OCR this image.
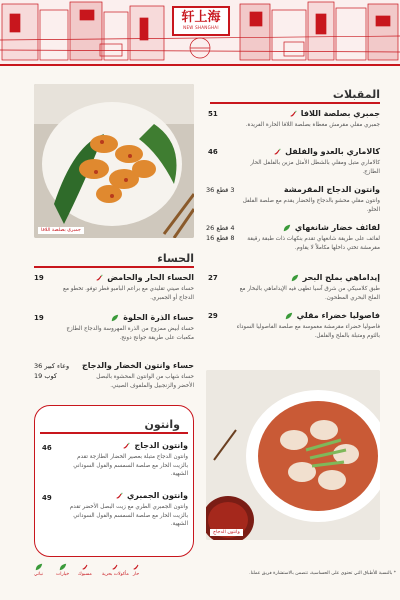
轩上海
NEW SHANGHAI
المقبلات
جمبري بصلصة اللافا
جمبري مقلي مقرمش مغطاة بصلصة اللافا الحارة الفريدة.
51
كالاماري بالعدو والفلفل
كالاماري متبل ومقلي بالشطل الأمثل مزين بالفلفل الحار الطازج.
46
وانتون الدجاج المقرمشة
وانتون مقلي محشو بالدجاج والخضار يقدم مع صلصة الفلفل الحلو.
3 قطع 36
لفائف خضار شانغهاي
لفائف على طريقة شانغهاي تقدم بنكهات ذات طبقة رقيقة مقرمشة تختي داخلها مكاملاً لا يقاوم.
4 قطع 26
8 قطع 16
إيداماهي بملح البحر
طبق كلاسيكي من شرق آسيا تطهى فيه الإيداماهي بالبخار مع الملح البحري المطحون.
27
فاصوليا خضراء مقلي
فاصوليا خضراء مقرمشة مغموسة مع صلصة الفاصوليا السوداء بالثوم ومتبلة بالملح والفلفل.
29
جمبري بصلصة اللافا
الحساء
الحساء الحار والحامض
حساء صيني تقليدي مع براعم البامبو فطر توفو. تخطو مع الدجاج أو الجمبري.
19
حساء الذرة الحلوة
حساء أبيض ممزوج من الذرة المهروسة والدجاج الطازج مكعبات على طريقة جوانج دونج.
19
حساء وانتون الخضار والدجاج
حساء شهاب من الوانتون المحشوة بالبصل الأخضر والزنجبيل والملفوف الصيني.
وعاء كبير 36
كوب 19
وانتون
وانتون الدجاج
وانتون الدجاج متبلة بعصير الخضار الطازجة تقدم بالزيت الحار مع صلصة السمسم والفول السوداني الشهية.
46
وانتون الجمبري
وانتون الجمبري الطري مع زيت البصل الأخضر تقدم بالزيت الحار مع صلصة السمسم والفول السوداني الشهية.
49
وانتون الدجاج
نباتي	خيارات مسبوك مأكولات بحرية حار	* بالنسبة للأطباق التي تحتوي على الحساسية، تتضمن بالاستشارة فريق عملنا.
